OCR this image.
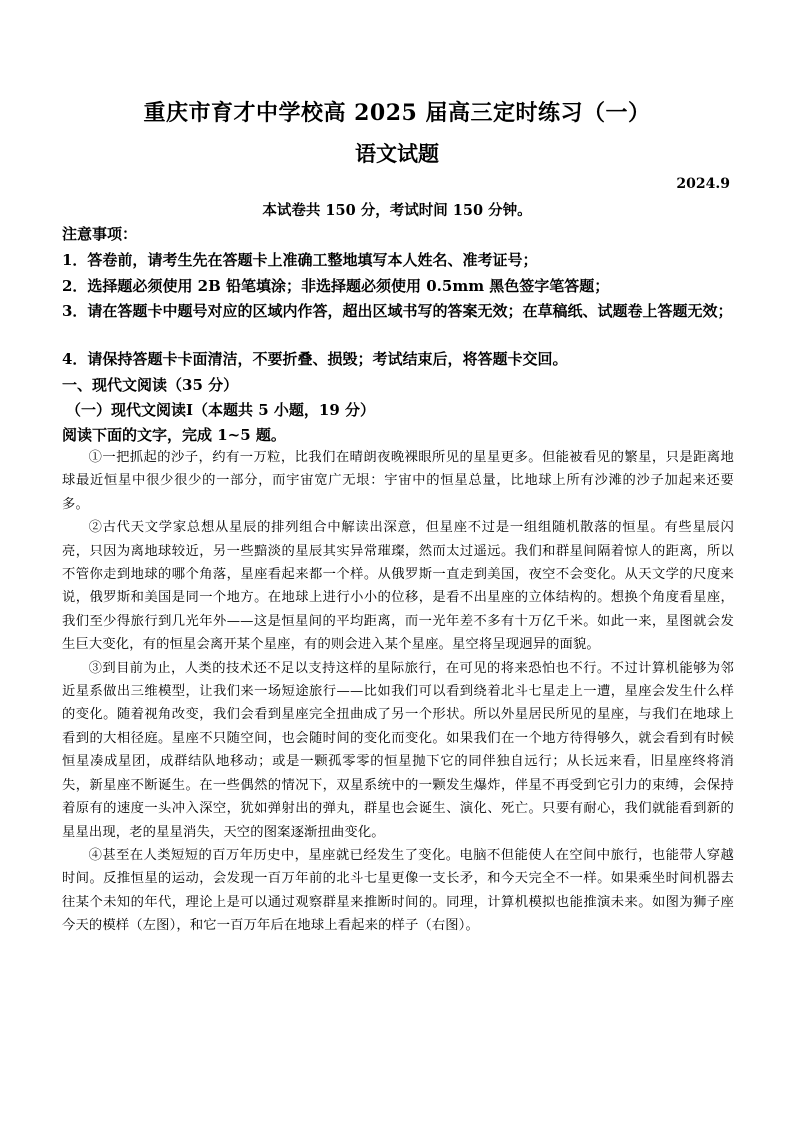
重庆市育才中学校高 2025 届高三定时练习（一）
语文试题
2024.9
本试卷共 150 分，考试时间 150 分钟。
注意事项：
1．答卷前，请考生先在答题卡上准确工整地填写本人姓名、准考证号；
2．选择题必须使用 2B 铅笔填涂；非选择题必须使用 0.5mm 黑色签字笔答题；
3．请在答题卡中题号对应的区域内作答，超出区域书写的答案无效；在草稿纸、试题卷上答题无效；
4．请保持答题卡卡面清洁，不要折叠、损毁；考试结束后，将答题卡交回。
一、现代文阅读（35 分）
（一）现代文阅读Ⅰ（本题共 5 小题，19 分）
阅读下面的文字，完成 1~5 题。

①一把抓起的沙子，约有一万粒，比我们在晴朗夜晚裸眼所见的星星更多。但能被看见的繁星，只是距离地球最近恒星中很少很少的一部分，而宇宙宽广无垠：宇宙中的恒星总量，比地球上所有沙滩的沙子加起来还要多。

②古代天文学家总想从星辰的排列组合中解读出深意，但星座不过是一组组随机散落的恒星。有些星辰闪亮，只因为离地球较近，另一些黯淡的星辰其实异常璀璨，然而太过遥远。我们和群星间隔着惊人的距离，所以不管你走到地球的哪个角落，星座看起来都一个样。从俄罗斯一直走到美国，夜空不会变化。从天文学的尺度来说，俄罗斯和美国是同一个地方。在地球上进行小小的位移，是看不出星座的立体结构的。想换个角度看星座，我们至少得旅行到几光年外——这是恒星间的平均距离，而一光年差不多有十万亿千米。如此一来，星图就会发生巨大变化，有的恒星会离开某个星座，有的则会进入某个星座。星空将呈现迥异的面貌。

③到目前为止，人类的技术还不足以支持这样的星际旅行，在可见的将来恐怕也不行。不过计算机能够为邻近星系做出三维模型，让我们来一场短途旅行——比如我们可以看到绕着北斗七星走上一遭，星座会发生什么样的变化。随着视角改变，我们会看到星座完全扭曲成了另一个形状。所以外星居民所见的星座，与我们在地球上看到的大相径庭。星座不只随空间，也会随时间的变化而变化。如果我们在一个地方待得够久，就会看到有时候恒星凑成星团，成群结队地移动；或是一颗孤零零的恒星抛下它的同伴独自远行；从长远来看，旧星座终将消失，新星座不断诞生。在一些偶然的情况下，双星系统中的一颗发生爆炸，伴星不再受到它引力的束缚，会保持着原有的速度一头冲入深空，犹如弹射出的弹丸，群星也会诞生、演化、死亡。只要有耐心，我们就能看到新的星星出现，老的星星消失，天空的图案逐渐扭曲变化。

④甚至在人类短短的百万年历史中，星座就已经发生了变化。电脑不但能使人在空间中旅行，也能带人穿越时间。反推恒星的运动，会发现一百万年前的北斗七星更像一支长矛，和今天完全不一样。如果乘坐时间机器去往某个未知的年代，理论上是可以通过观察群星来推断时间的。同理，计算机模拟也能推演未来。如图为狮子座今天的模样（左图），和它一百万年后在地球上看起来的样子（右图）。
